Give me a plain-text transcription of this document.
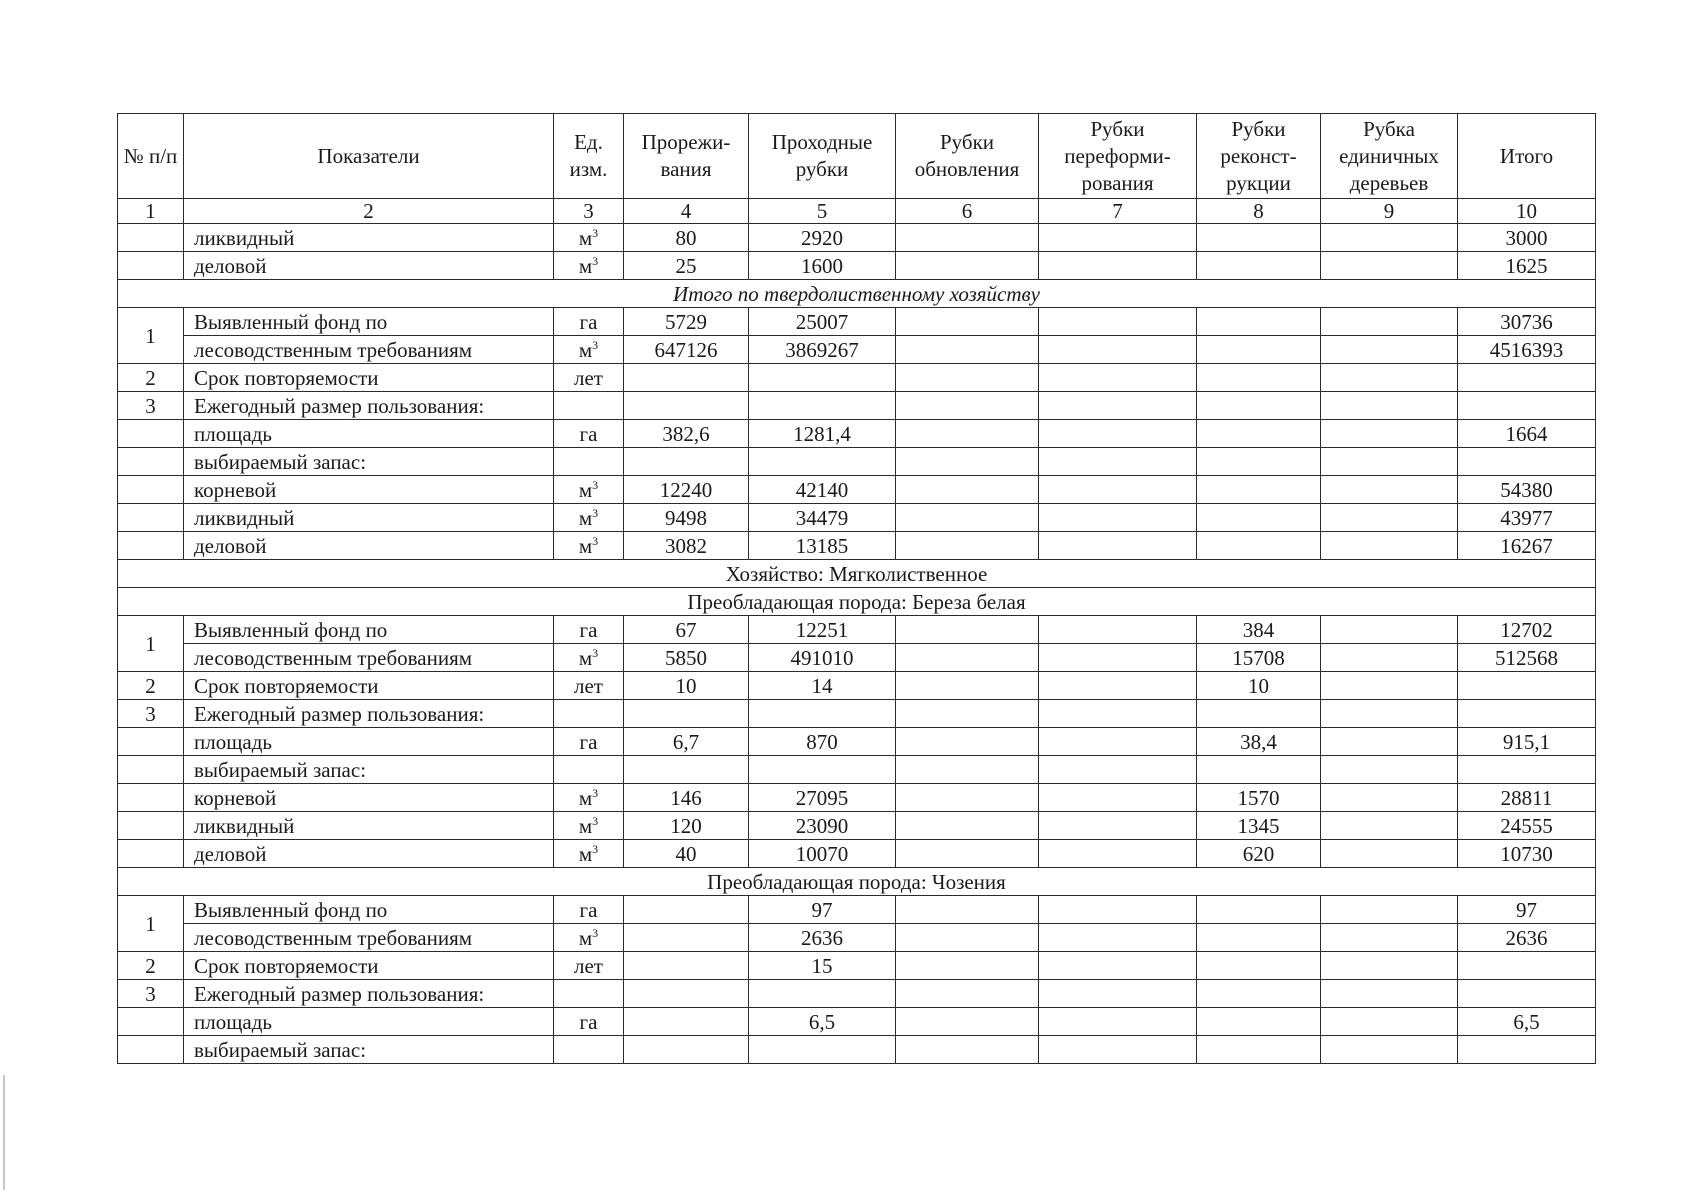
№ п/п	Показатели	Ед. изм.	Прорежи- вания	Проходные рубки	Рубки обновления	Рубки переформи- рования	Рубки реконст- рукции	Рубка единичных деревьев	Итого
1	2	3	4	5	6	7	8	9	10
	ликвидный	$м^3$	80	2920					3000
	деловой	$м^3$	25	1600					1625
Итого по твердолиственному хозяйству									
1	Выявленный фонд по	га	5729	25007					30736
	лесоводственным требованиям	$м^3$	647126	3869267					4516393
2	Срок повторяемости	лет							
3	Ежегодный размер пользования:								
	площадь	га	382,6	1281,4					1664
	выбираемый запас:								
	корневой	$м^3$	12240	42140					54380
	ликвидный	$м^3$	9498	34479					43977
	деловой	$м^3$	3082	13185					16267
Хозяйство: Мягколиственное									
Преобладающая порода: Береза белая									
1	Выявленный фонд по	га	67	12251			384		12702
	лесоводственным требованиям	$м^3$	5850	491010			15708		512568
2	Срок повторяемости	лет	10	14			10		
3	Ежегодный размер пользования:								
	площадь	га	6,7	870			38,4		915,1
	выбираемый запас:								
	корневой	$м^3$	146	27095			1570		28811
	ликвидный	$м^3$	120	23090			1345		24555
	деловой	$м^3$	40	10070			620		10730
Преобладающая порода: Чозения									
1	Выявленный фонд по	га		97					97
	лесоводственным требованиям	$м^3$		2636					2636
2	Срок повторяемости	лет		15					
3	Ежегодный размер пользования:								
	площадь	га		6,5					6,5
	выбираемый запас:								
